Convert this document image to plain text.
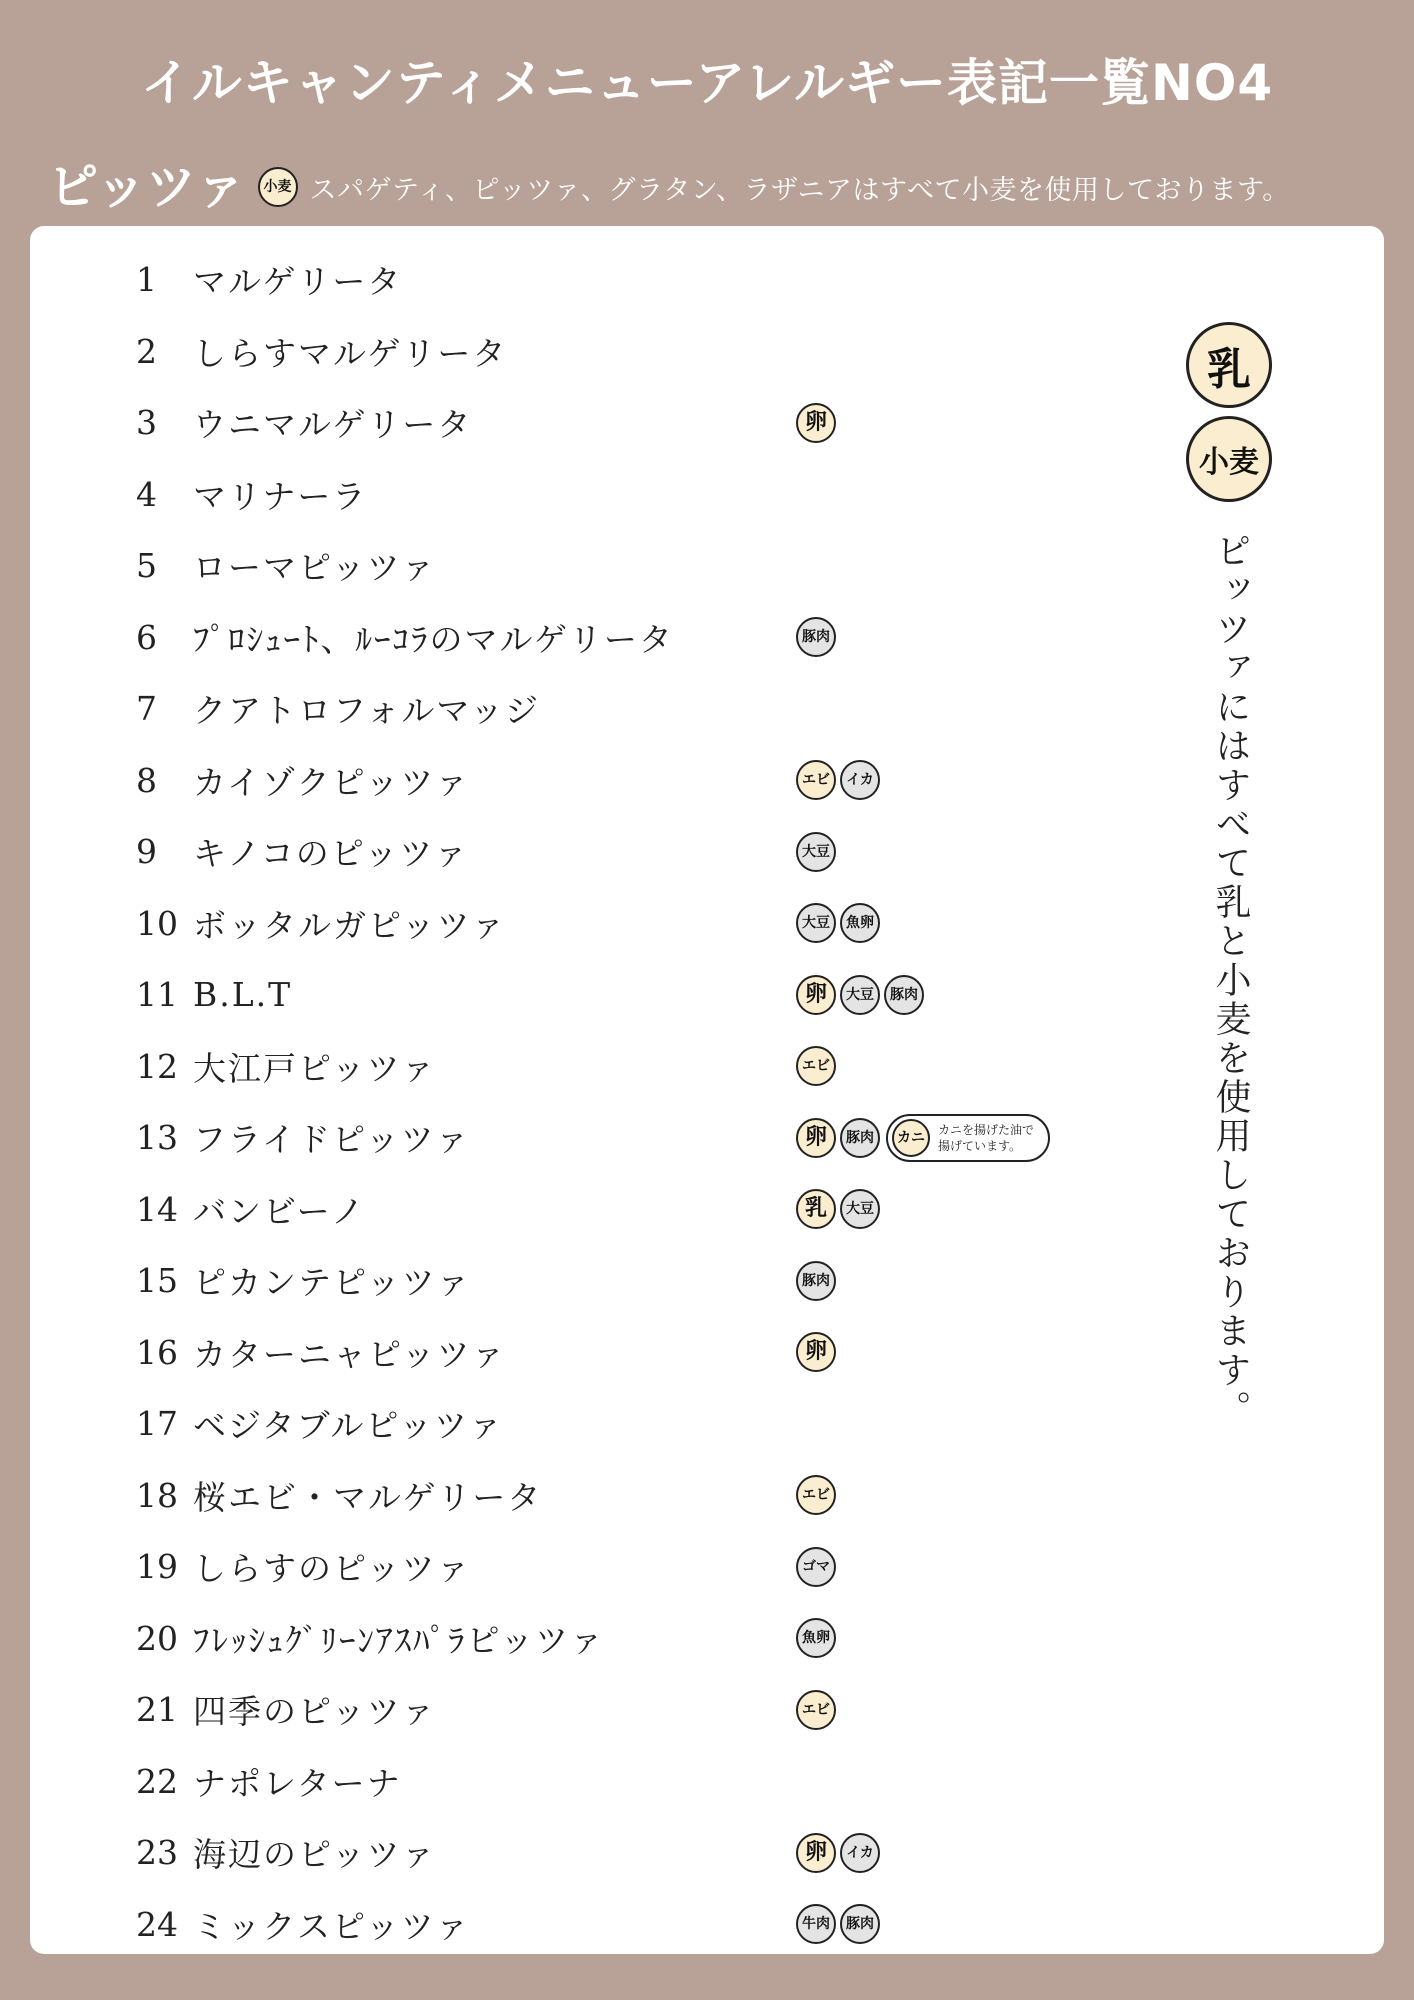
イルキャンティメニューアレルギー表記一覧NO4
ピッツァ	小麦 スパゲティ、ピッツァ、グラタン、ラザニアはすべて小麦を使用しております。
1	マルゲリータ
2	しらすマルゲリータ
3	ウニマルゲリータ	卵
4	マリナーラ
5	ローマピッツァ
6	ﾌﾟﾛｼｭｰﾄ、ﾙｰｺﾗのマルゲリータ	豚肉
7	クアトロフォルマッジ
8	カイゾクピッツァ	エビ	イカ
9	キノコのピッツァ	大豆
10 ボッタルガピッツァ	大豆	魚卵
11 B.L.T	卵	大豆	豚肉
12 大江戸ピッツァ	エビ
13 フライドピッツァ	卵	豚肉	カニ	カニを揚げた油で
揚げています。
14 バンビーノ	乳	大豆
15 ピカンテピッツァ	豚肉
16 カターニャピッツァ	卵
17 ベジタブルピッツァ
18 桜エビ・マルゲリータ	エビ
19 しらすのピッツァ	ゴマ
20 ﾌﾚｯｼｭｸﾞﾘｰﾝｱｽﾊﾟﾗピッツァ	魚卵
21 四季のピッツァ	エビ
22 ナポレターナ
23 海辺のピッツァ	卵	イカ
24 ミックスピッツァ	牛肉	豚肉
乳
小麦
ピッツァにはすべて乳と小麦を使用しております。
